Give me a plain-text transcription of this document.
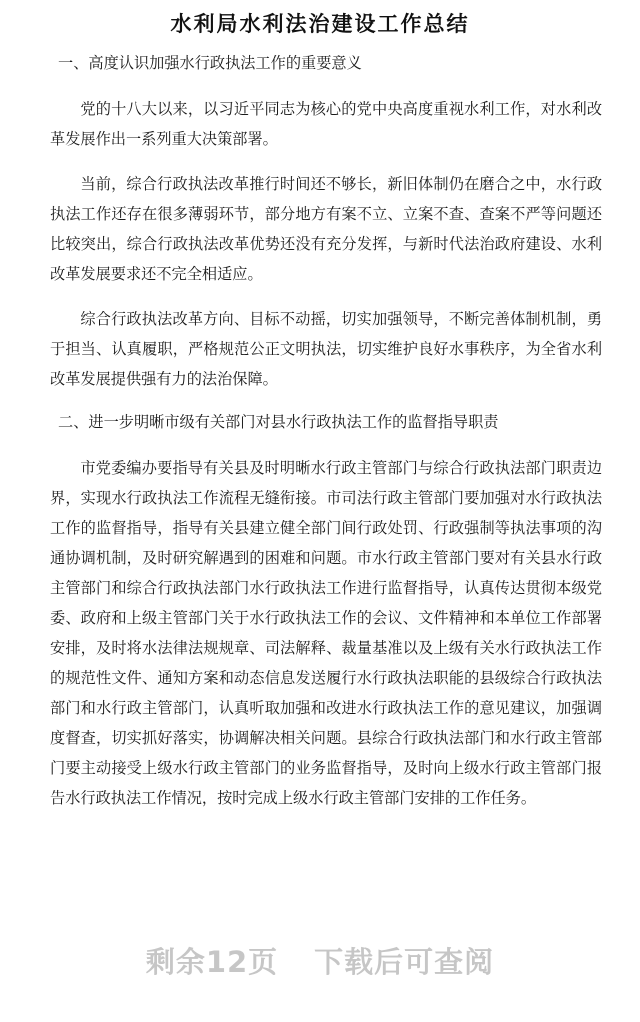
水利局水利法治建设工作总结

一、高度认识加强水行政执法工作的重要意义

党的十八大以来，以习近平同志为核心的党中央高度重视水利工作，对水利改革发展作出一系列重大决策部署。

当前，综合行政执法改革推行时间还不够长，新旧体制仍在磨合之中，水行政执法工作还存在很多薄弱环节，部分地方有案不立、立案不查、查案不严等问题还比较突出，综合行政执法改革优势还没有充分发挥，与新时代法治政府建设、水利改革发展要求还不完全相适应。

综合行政执法改革方向、目标不动摇，切实加强领导，不断完善体制机制，勇于担当、认真履职，严格规范公正文明执法，切实维护良好水事秩序，为全省水利改革发展提供强有力的法治保障。

二、进一步明晰市级有关部门对县水行政执法工作的监督指导职责

市党委编办要指导有关县及时明晰水行政主管部门与综合行政执法部门职责边界，实现水行政执法工作流程无缝衔接。市司法行政主管部门要加强对水行政执法工作的监督指导，指导有关县建立健全部门间行政处罚、行政强制等执法事项的沟通协调机制，及时研究解遇到的困难和问题。市水行政主管部门要对有关县水行政主管部门和综合行政执法部门水行政执法工作进行监督指导，认真传达贯彻本级党委、政府和上级主管部门关于水行政执法工作的会议、文件精神和本单位工作部署安排，及时将水法律法规规章、司法解释、裁量基准以及上级有关水行政执法工作的规范性文件、通知方案和动态信息发送履行水行政执法职能的县级综合行政执法部门和水行政主管部门，认真听取加强和改进水行政执法工作的意见建议，加强调度督查，切实抓好落实，协调解决相关问题。县综合行政执法部门和水行政主管部门要主动接受上级水行政主管部门的业务监督指导，及时向上级水行政主管部门报告水行政执法工作情况，按时完成上级水行政主管部门安排的工作任务。

剩余12页 下载后可查阅
